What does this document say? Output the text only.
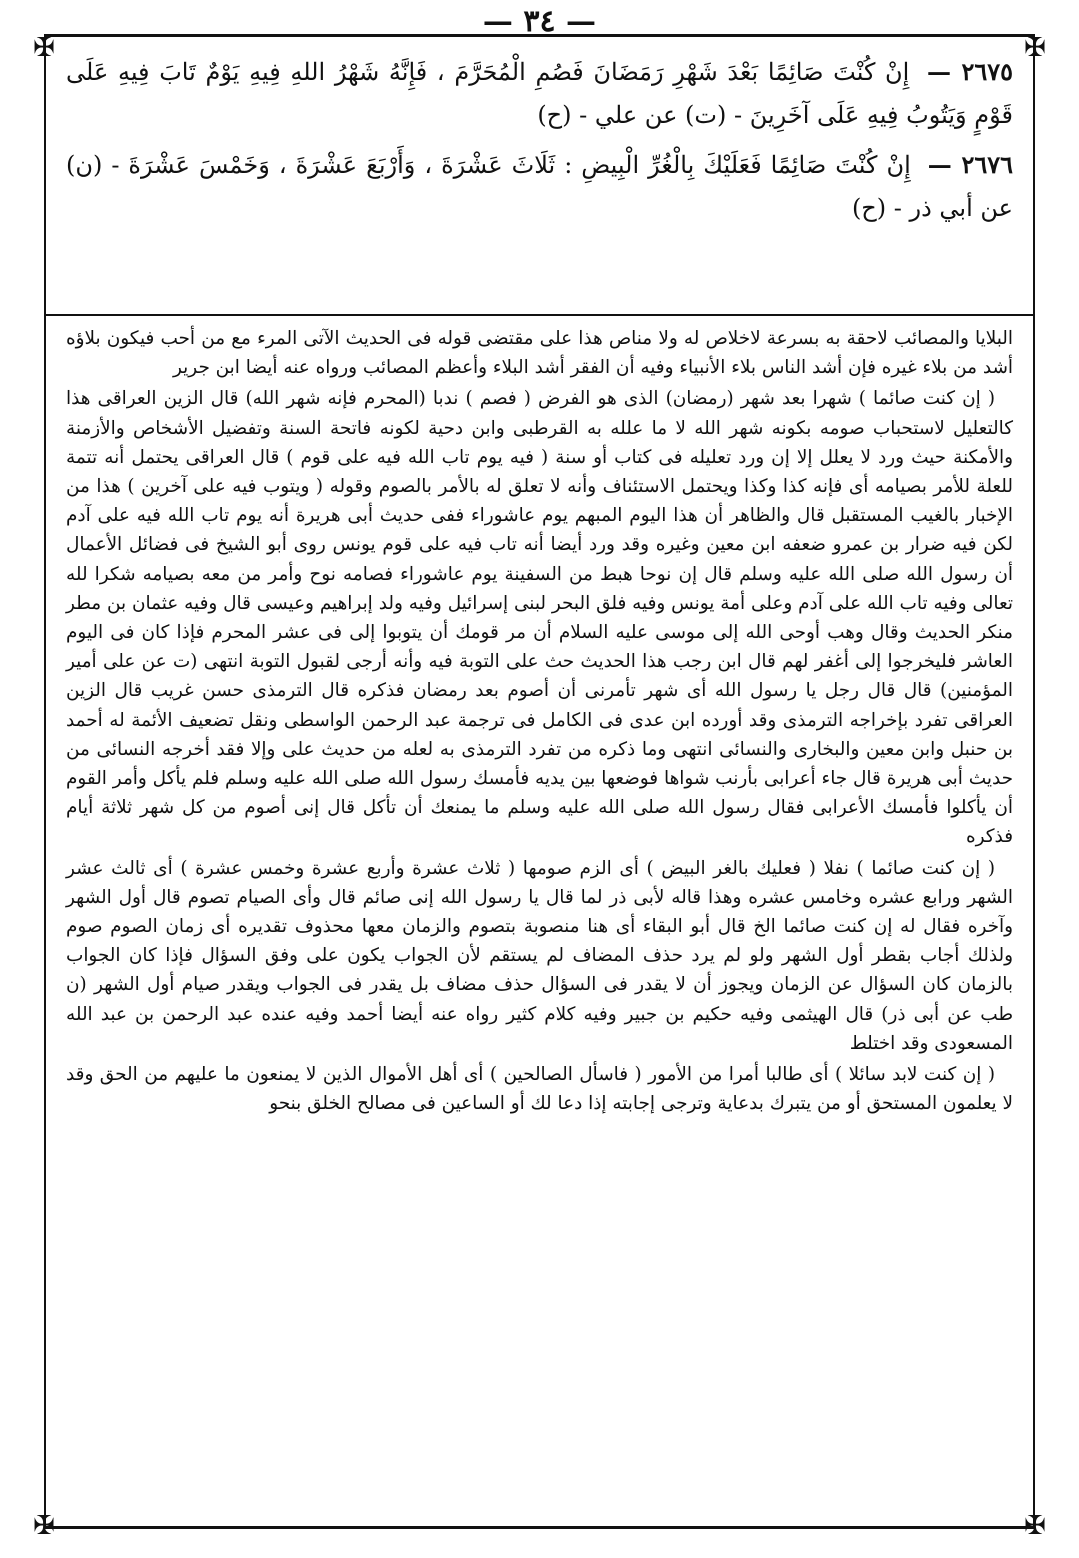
— ٣٤ —
✠	✠
✠	✠

٢٦٧٥ — إِنْ كُنْتَ صَائِمًا بَعْدَ شَهْرِ رَمَضَانَ فَصُمِ الْمُحَرَّمَ ، فَإِنَّهُ شَهْرُ اللهِ فِيهِ يَوْمٌ تَابَ فِيهِ عَلَى قَوْمٍ وَيَتُوبُ فِيهِ عَلَى آخَرِينَ - (ت) عن علي - (ح)

٢٦٧٦ — إِنْ كُنْتَ صَائِمًا فَعَلَيْكَ بِالْغُرِّ الْبِيضِ : ثَلَاثَ عَشْرَةَ ، وَأَرْبَعَ عَشْرَةَ ، وَخَمْسَ عَشْرَةَ - (ن) عن أبي ذر - (ح)

البلايا والمصائب لاحقة به بسرعة لاخلاص له ولا مناص هذا على مقتضى قوله فى الحديث الآتى المرء مع من أحب فيكون بلاؤه أشد من بلاء غيره فإن أشد الناس بلاء الأنبياء وفيه أن الفقر أشد البلاء وأعظم المصائب ورواه عنه أيضا ابن جرير

( إن كنت صائما ) شهرا بعد شهر (رمضان) الذى هو الفرض ( فصم ) ندبا (المحرم فإنه شهر الله) قال الزين العراقى هذا كالتعليل لاستحباب صومه بكونه شهر الله لا ما علله به القرطبى وابن دحية لكونه فاتحة السنة وتفضيل الأشخاص والأزمنة والأمكنة حيث ورد لا يعلل إلا إن ورد تعليله فى كتاب أو سنة ( فيه يوم تاب الله فيه على قوم ) قال العراقى يحتمل أنه تتمة للعلة للأمر بصيامه أى فإنه كذا وكذا ويحتمل الاستئناف وأنه لا تعلق له بالأمر بالصوم وقوله ( ويتوب فيه على آخرين ) هذا من الإخبار بالغيب المستقبل قال والظاهر أن هذا اليوم المبهم يوم عاشوراء ففى حديث أبى هريرة أنه يوم تاب الله فيه على آدم لكن فيه ضرار بن عمرو ضعفه ابن معين وغيره وقد ورد أيضا أنه تاب فيه على قوم يونس روى أبو الشيخ فى فضائل الأعمال أن رسول الله صلى الله عليه وسلم قال إن نوحا هبط من السفينة يوم عاشوراء فصامه نوح وأمر من معه بصيامه شكرا لله تعالى وفيه تاب الله على آدم وعلى أمة يونس وفيه فلق البحر لبنى إسرائيل وفيه ولد إبراهيم وعيسى قال وفيه عثمان بن مطر منكر الحديث وقال وهب أوحى الله إلى موسى عليه السلام أن مر قومك أن يتوبوا إلى فى عشر المحرم فإذا كان فى اليوم العاشر فليخرجوا إلى أغفر لهم قال ابن رجب هذا الحديث حث على التوبة فيه وأنه أرجى لقبول التوبة انتهى (ت عن على أمير المؤمنين) قال قال رجل يا رسول الله أى شهر تأمرنى أن أصوم بعد رمضان فذكره قال الترمذى حسن غريب قال الزين العراقى تفرد بإخراجه الترمذى وقد أورده ابن عدى فى الكامل فى ترجمة عبد الرحمن الواسطى ونقل تضعيف الأئمة له أحمد بن حنبل وابن معين والبخارى والنسائى انتهى وما ذكره من تفرد الترمذى به لعله من حديث على وإلا فقد أخرجه النسائى من حديث أبى هريرة قال جاء أعرابى بأرنب شواها فوضعها بين يديه فأمسك رسول الله صلى الله عليه وسلم فلم يأكل وأمر القوم أن يأكلوا فأمسك الأعرابى فقال رسول الله صلى الله عليه وسلم ما يمنعك أن تأكل قال إنى أصوم من كل شهر ثلاثة أيام فذكره

( إن كنت صائما ) نفلا ( فعليك بالغر البيض ) أى الزم صومها ( ثلاث عشرة وأربع عشرة وخمس عشرة ) أى ثالث عشر الشهر ورابع عشره وخامس عشره وهذا قاله لأبى ذر لما قال يا رسول الله إنى صائم قال وأى الصيام تصوم قال أول الشهر وآخره فقال له إن كنت صائما الخ قال أبو البقاء أى هنا منصوبة بتصوم والزمان معها محذوف تقديره أى زمان الصوم صوم ولذلك أجاب بقطر أول الشهر ولو لم يرد حذف المضاف لم يستقم لأن الجواب يكون على وفق السؤال فإذا كان الجواب بالزمان كان السؤال عن الزمان ويجوز أن لا يقدر فى السؤال حذف مضاف بل يقدر فى الجواب ويقدر صيام أول الشهر (ن طب عن أبى ذر) قال الهيثمى وفيه حكيم بن جبير وفيه كلام كثير رواه عنه أيضا أحمد وفيه عنده عبد الرحمن بن عبد الله المسعودى وقد اختلط

( إن كنت لابد سائلا ) أى طالبا أمرا من الأمور ( فاسأل الصالحين ) أى أهل الأموال الذين لا يمنعون ما عليهم من الحق وقد لا يعلمون المستحق أو من يتبرك بدعاية وترجى إجابته إذا دعا لك أو الساعين فى مصالح الخلق بنحو
